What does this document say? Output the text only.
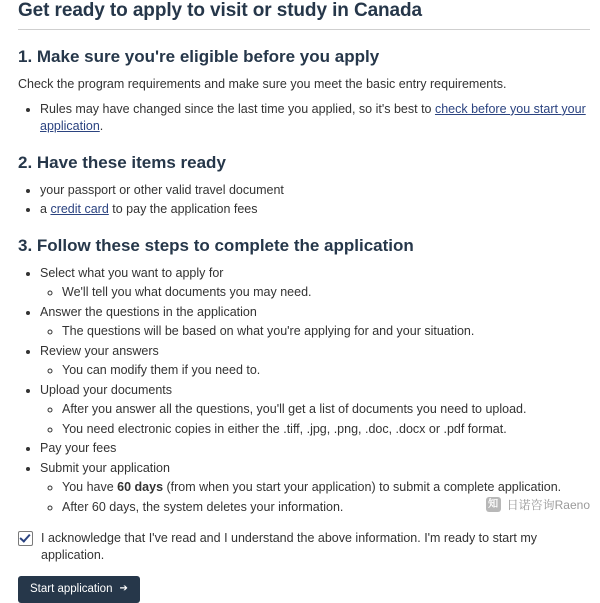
Get ready to apply to visit or study in Canada
1. Make sure you're eligible before you apply

Check the program requirements and make sure you meet the basic entry requirements.

• Rules may have changed since the last time you applied, so it's best to check before you start your application.
2. Have these items ready
• your passport or other valid travel document
• a credit card to pay the application fees
3. Follow these steps to complete the application
• Select what you want to apply for
◦ We'll tell you what documents you may need.
• Answer the questions in the application
◦ The questions will be based on what you're applying for and your situation.
• Review your answers
◦ You can modify them if you need to.
• Upload your documents
◦ After you answer all the questions, you'll get a list of documents you need to upload.
◦ You need electronic copies in either the .tiff, .jpg, .png, .doc, .docx or .pdf format.
• Pay your fees
• Submit your application
◦ You have 60 days (from when you start your application) to submit a complete application.
◦ After 60 days, the system deletes your information.
I acknowledge that I've read and I understand the above information. I'm ready to start my application.
Start application ➔
知 日诺咨询Raeno
